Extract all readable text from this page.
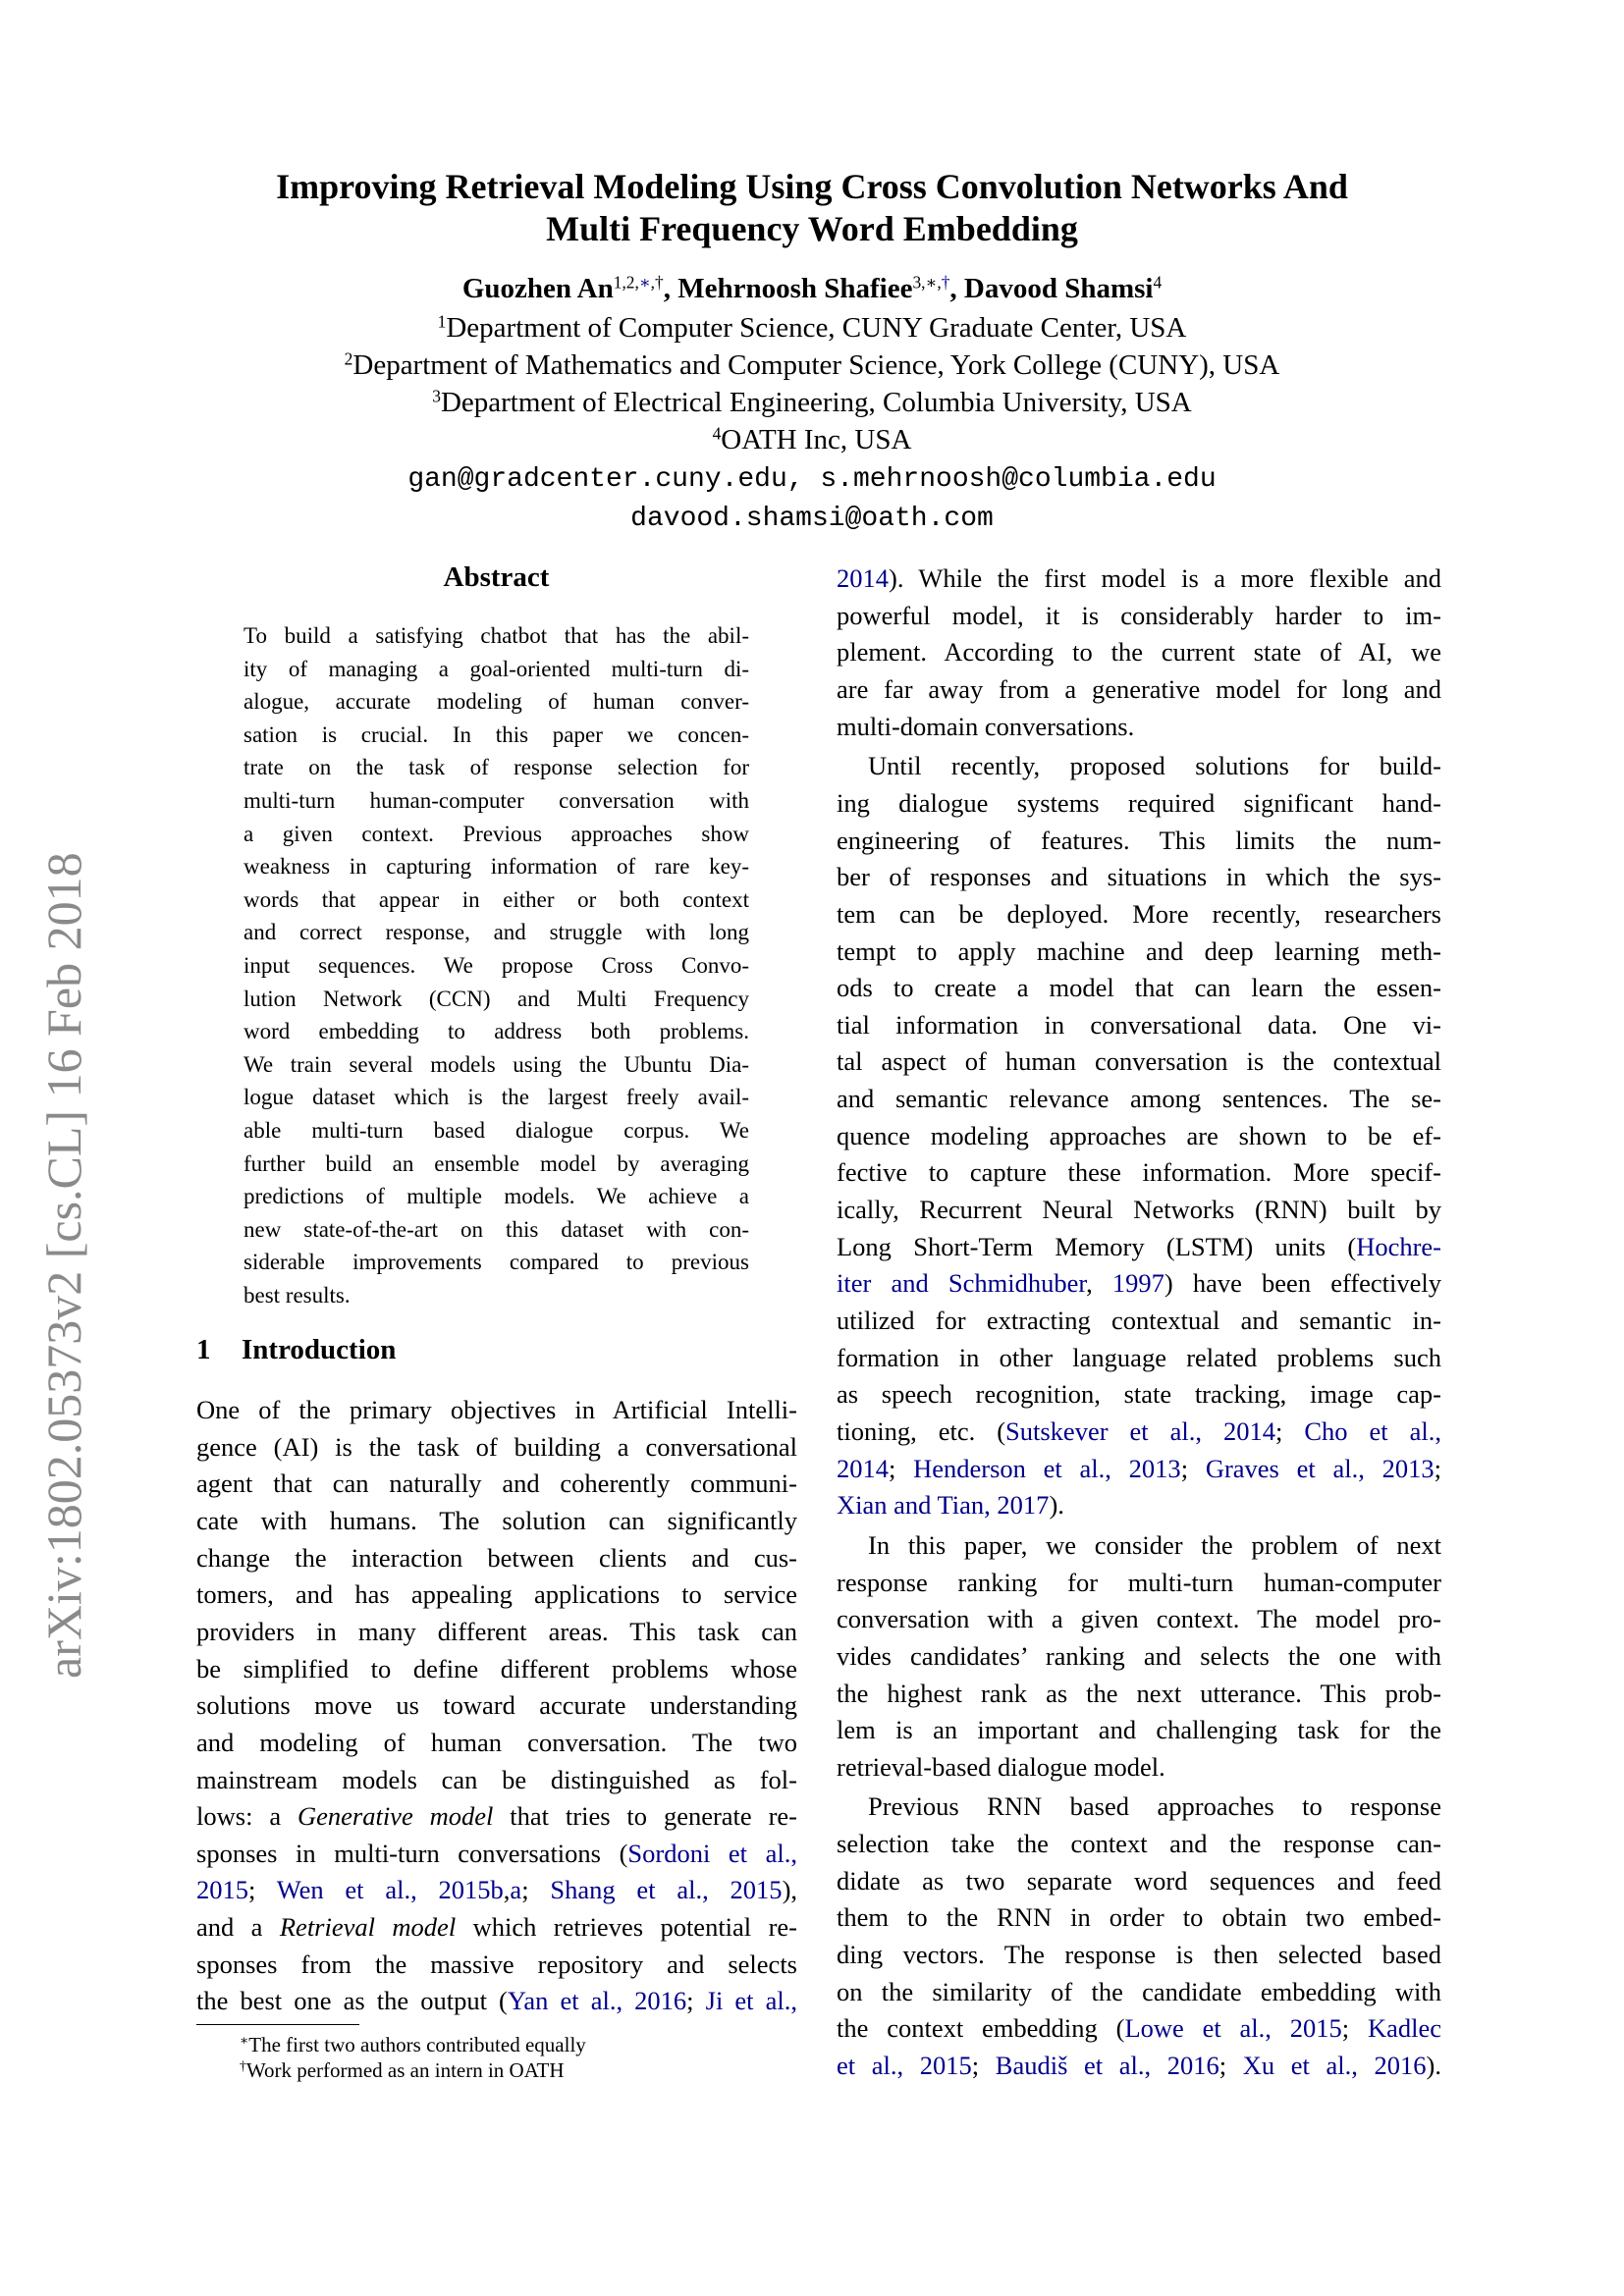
arXiv:1802.05373v2 [cs.CL] 16 Feb 2018
Improving Retrieval Modeling Using Cross Convolution Networks And
Multi Frequency Word Embedding
Guozhen $An^{1,2,∗,\dagger}$, Mehrnoosh Shafiee$^{3,∗,\dagger}$, Davood Shamsi$^4$
$^1$Department of Computer Science, CUNY Graduate Center, USA
$^2$Department of Mathematics and Computer Science, York College (CUNY), USA
$^3$Department of Electrical Engineering, Columbia University, USA
$^4$OATH Inc, USA
gan@gradcenter.cuny.edu, s.mehrnoosh@columbia.edu
davood.shamsi@oath.com
Abstract
To build a satisfying chatbot that has the abil-
ity of managing a goal-oriented multi-turn di-
alogue, accurate modeling of human conver-
sation is crucial. In this paper we concen-
trate on the task of response selection for
multi-turn human-computer conversation with
a given context. Previous approaches show
weakness in capturing information of rare key-
words that appear in either or both context
and correct response, and struggle with long
input sequences. We propose Cross Convo-
lution Network (CCN) and Multi Frequency
word embedding to address both problems.
We train several models using the Ubuntu Dia-
logue dataset which is the largest freely avail-
able multi-turn based dialogue corpus. We
further build an ensemble model by averaging
predictions of multiple models. We achieve a
new state-of-the-art on this dataset with con-
siderable improvements compared to previous
best results.
1 Introduction
One of the primary objectives in Artificial Intelli-
gence (AI) is the task of building a conversational
agent that can naturally and coherently communi-
cate with humans. The solution can significantly
change the interaction between clients and cus-
tomers, and has appealing applications to service
providers in many different areas. This task can
be simplified to define different problems whose
solutions move us toward accurate understanding
and modeling of human conversation. The two
mainstream models can be distinguished as fol-
lows: a Generative model that tries to generate re-
sponses in multi-turn conversations (Sordoni et al.,
2015; Wen et al., 2015b,a; Shang et al., 2015),
and a Retrieval model which retrieves potential re-
sponses from the massive repository and selects
the best one as the output (Yan et al., 2016; Ji et al.,
2014). While the first model is a more flexible and
powerful model, it is considerably harder to im-
plement. According to the current state of AI, we
are far away from a generative model for long and
multi-domain conversations.
Until recently, proposed solutions for build-
ing dialogue systems required significant hand-
engineering of features. This limits the num-
ber of responses and situations in which the sys-
tem can be deployed. More recently, researchers
tempt to apply machine and deep learning meth-
ods to create a model that can learn the essen-
tial information in conversational data. One vi-
tal aspect of human conversation is the contextual
and semantic relevance among sentences. The se-
quence modeling approaches are shown to be ef-
fective to capture these information. More specif-
ically, Recurrent Neural Networks (RNN) built by
Long Short-Term Memory (LSTM) units (Hochre-
iter and Schmidhuber, 1997) have been effectively
utilized for extracting contextual and semantic in-
formation in other language related problems such
as speech recognition, state tracking, image cap-
tioning, etc. (Sutskever et al., 2014; Cho et al.,
2014; Henderson et al., 2013; Graves et al., 2013;
Xian and Tian, 2017).
In this paper, we consider the problem of next
response ranking for multi-turn human-computer
conversation with a given context. The model pro-
vides candidates’ ranking and selects the one with
the highest rank as the next utterance. This prob-
lem is an important and challenging task for the
retrieval-based dialogue model.
Previous RNN based approaches to response
selection take the context and the response can-
didate as two separate word sequences and feed
them to the RNN in order to obtain two embed-
ding vectors. The response is then selected based
on the similarity of the candidate embedding with
the context embedding (Lowe et al., 2015; Kadlec
et al., 2015; Baudiš et al., 2016; Xu et al., 2016).
∗The first two authors contributed equally
†Work performed as an intern in OATH
